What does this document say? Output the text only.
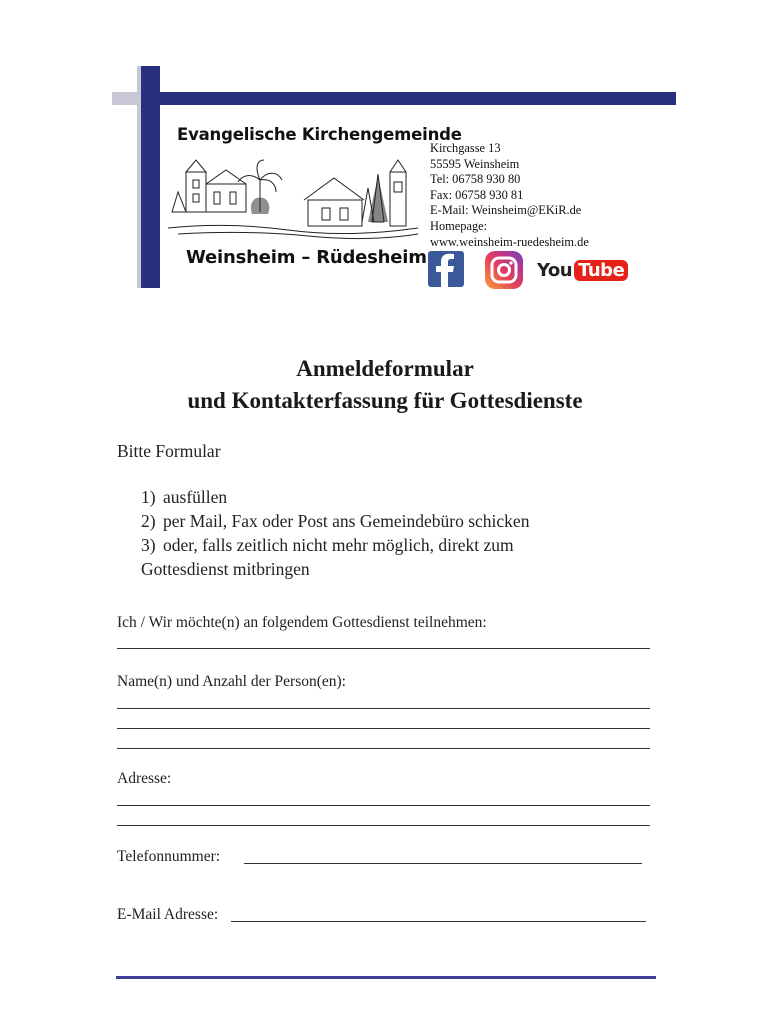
Evangelische Kirchengemeinde
Weinsheim – Rüdesheim
Kirchgasse 13
55595 Weinsheim
Tel: 06758 930 80
Fax: 06758 930 81
E-Mail: Weinsheim@EKiR.de
Homepage:
www.weinsheim-ruedesheim.de
You Tube
Anmeldeformular
und Kontakterfassung für Gottesdienste
Bitte Formular
1) ausfüllen
2) per Mail, Fax oder Post ans Gemeindebüro schicken
3) oder, falls zeitlich nicht mehr möglich, direkt zum
Gottesdienst mitbringen
Ich / Wir möchte(n) an folgendem Gottesdienst teilnehmen:
Name(n) und Anzahl der Person(en):
Adresse:
Telefonnummer:
E-Mail Adresse:
